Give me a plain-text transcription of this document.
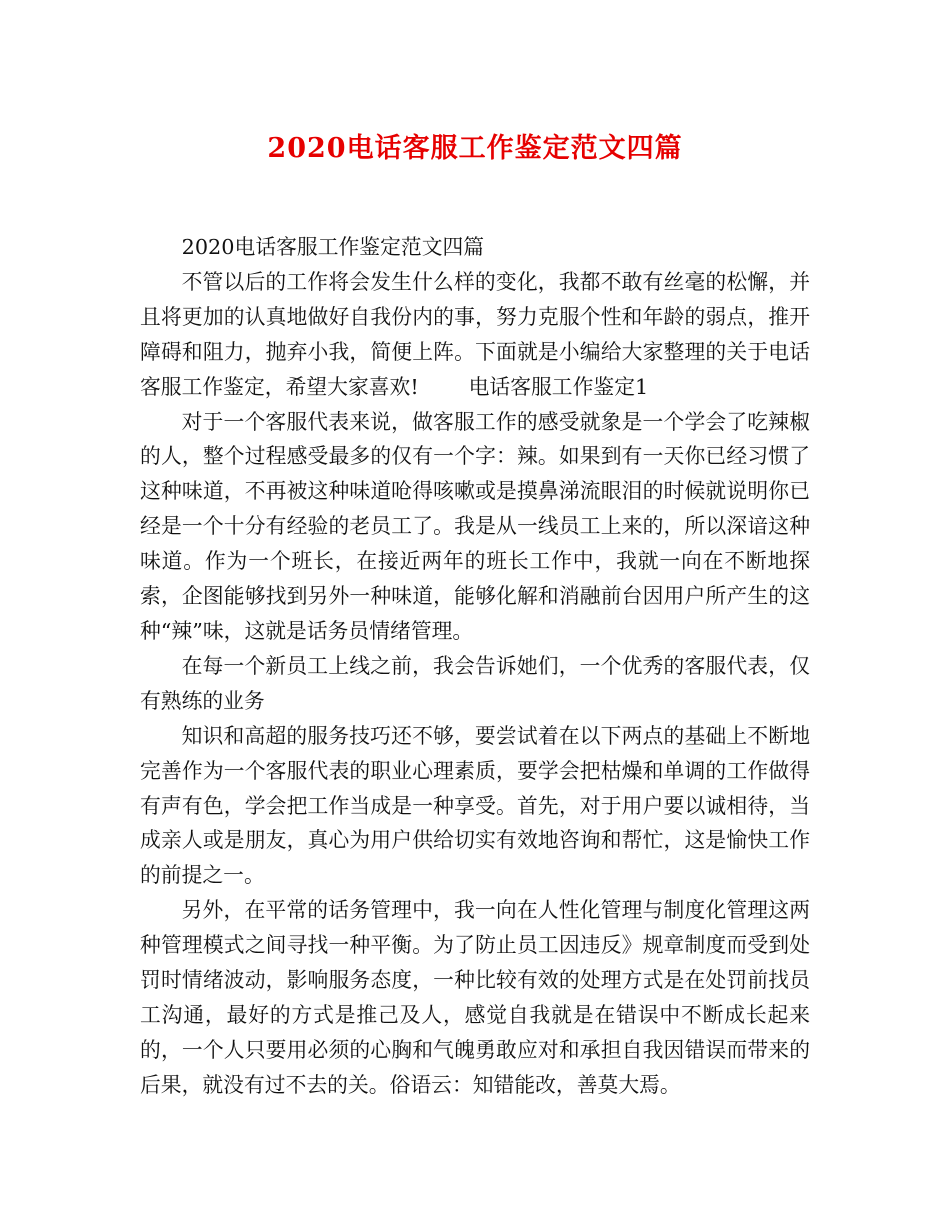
2020电话客服工作鉴定范文四篇

2020电话客服工作鉴定范文四篇

不管以后的工作将会发生什么样的变化，我都不敢有丝毫的松懈，并且将更加的认真地做好自我份内的事，努力克服个性和年龄的弱点，推开障碍和阻力，抛弃小我，简便上阵。下面就是小编给大家整理的关于电话客服工作鉴定，希望大家喜欢! 电话客服工作鉴定1

对于一个客服代表来说，做客服工作的感受就象是一个学会了吃辣椒的人，整个过程感受最多的仅有一个字：辣。如果到有一天你已经习惯了这种味道，不再被这种味道呛得咳嗽或是摸鼻涕流眼泪的时候就说明你已经是一个十分有经验的老员工了。我是从一线员工上来的，所以深谙这种味道。作为一个班长，在接近两年的班长工作中，我就一向在不断地探索，企图能够找到另外一种味道，能够化解和消融前台因用户所产生的这种“辣”味，这就是话务员情绪管理。

在每一个新员工上线之前，我会告诉她们，一个优秀的客服代表，仅有熟练的业务

知识和高超的服务技巧还不够，要尝试着在以下两点的基础上不断地完善作为一个客服代表的职业心理素质，要学会把枯燥和单调的工作做得有声有色，学会把工作当成是一种享受。首先，对于用户要以诚相待，当成亲人或是朋友，真心为用户供给切实有效地咨询和帮忙，这是愉快工作的前提之一。

另外，在平常的话务管理中，我一向在人性化管理与制度化管理这两种管理模式之间寻找一种平衡。为了防止员工因违反》规章制度而受到处罚时情绪波动，影响服务态度，一种比较有效的处理方式是在处罚前找员工沟通，最好的方式是推己及人，感觉自我就是在错误中不断成长起来的，一个人只要用必须的心胸和气魄勇敢应对和承担自我因错误而带来的后果，就没有过不去的关。俗语云：知错能改，善莫大焉。
